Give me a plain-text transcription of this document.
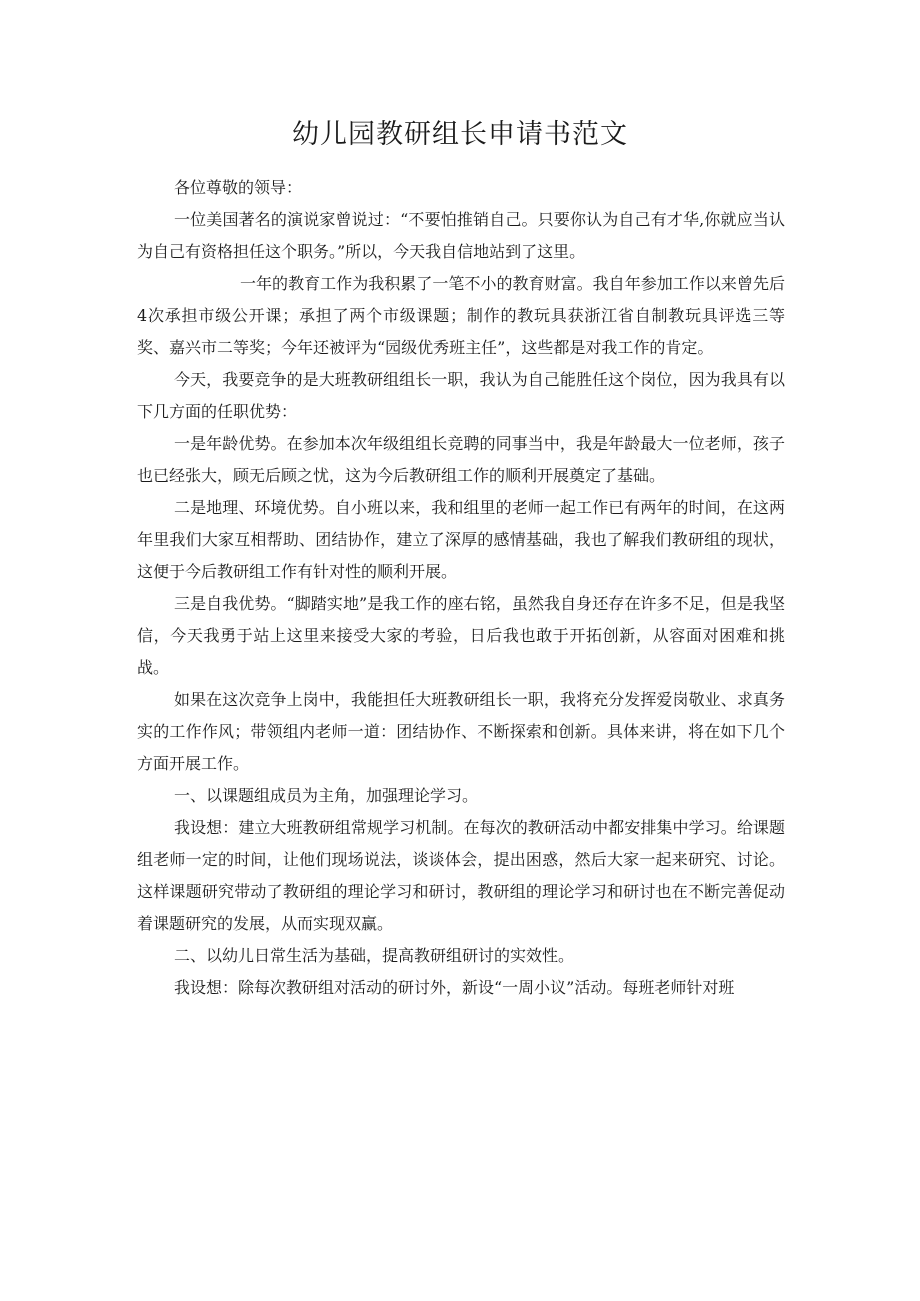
幼儿园教研组长申请书范文

各位尊敬的领导：

一位美国著名的演说家曾说过：“不要怕推销自己。只要你认为自己有才华,你就应当认为自己有资格担任这个职务。”所以，今天我自信地站到了这里。

一年的教育工作为我积累了一笔不小的教育财富。我自年参加工作以来曾先后4次承担市级公开课；承担了两个市级课题；制作的教玩具获浙江省自制教玩具评选三等奖、嘉兴市二等奖；今年还被评为“园级优秀班主任”，这些都是对我工作的肯定。

今天，我要竞争的是大班教研组组长一职，我认为自己能胜任这个岗位，因为我具有以下几方面的任职优势：

一是年龄优势。在参加本次年级组组长竞聘的同事当中，我是年龄最大一位老师，孩子也已经张大，顾无后顾之忧，这为今后教研组工作的顺利开展奠定了基础。

二是地理、环境优势。自小班以来，我和组里的老师一起工作已有两年的时间，在这两年里我们大家互相帮助、团结协作，建立了深厚的感情基础，我也了解我们教研组的现状，这便于今后教研组工作有针对性的顺利开展。

三是自我优势。“脚踏实地”是我工作的座右铭，虽然我自身还存在许多不足，但是我坚信，今天我勇于站上这里来接受大家的考验，日后我也敢于开拓创新，从容面对困难和挑战。

如果在这次竞争上岗中，我能担任大班教研组长一职，我将充分发挥爱岗敬业、求真务实的工作作风；带领组内老师一道：团结协作、不断探索和创新。具体来讲，将在如下几个方面开展工作。

一、以课题组成员为主角，加强理论学习。

我设想：建立大班教研组常规学习机制。在每次的教研活动中都安排集中学习。给课题组老师一定的时间，让他们现场说法，谈谈体会，提出困惑，然后大家一起来研究、讨论。这样课题研究带动了教研组的理论学习和研讨，教研组的理论学习和研讨也在不断完善促动着课题研究的发展，从而实现双赢。

二、以幼儿日常生活为基础，提高教研组研讨的实效性。

我设想：除每次教研组对活动的研讨外，新设“一周小议”活动。每班老师针对班
